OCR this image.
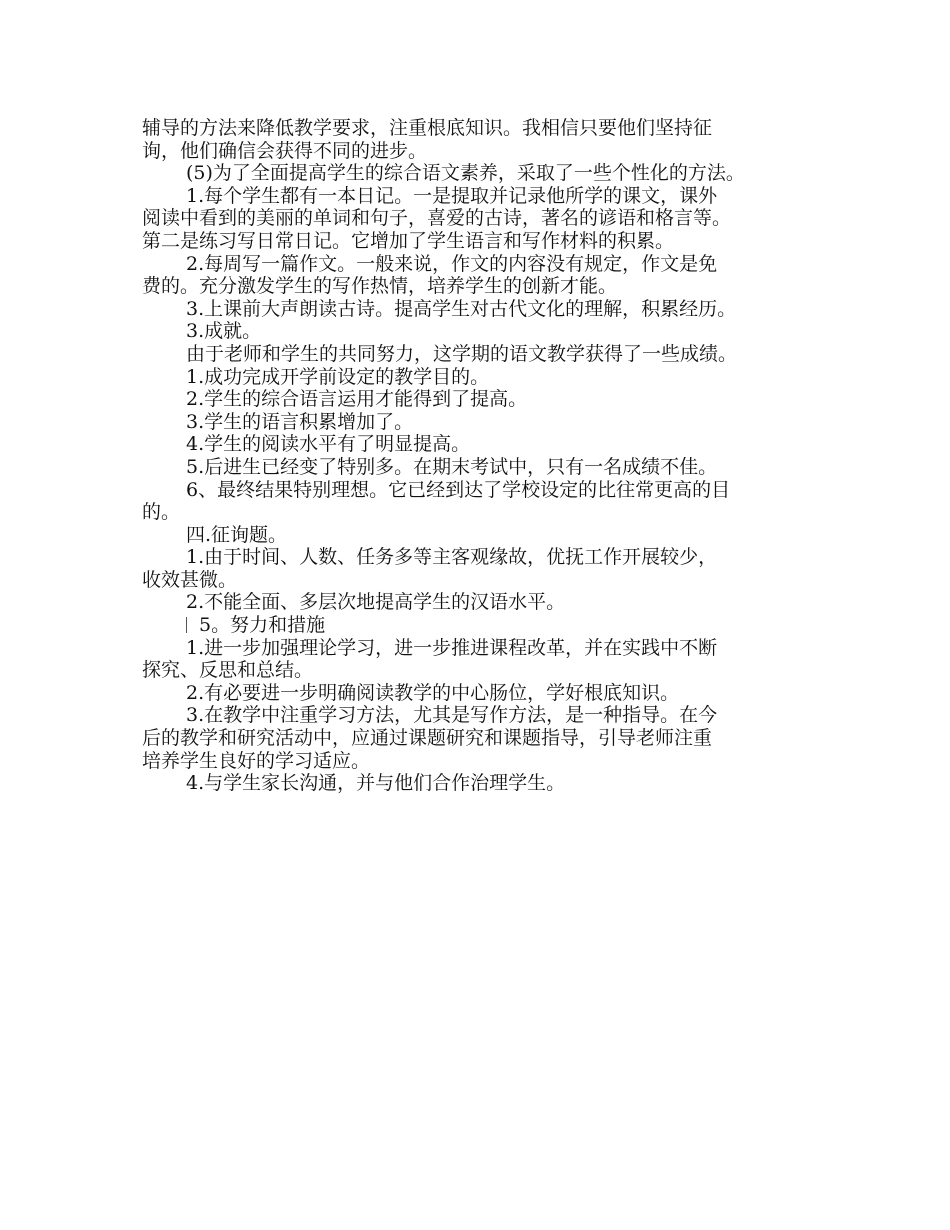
辅导的方法来降低教学要求，注重根底知识。我相信只要他们坚持征

询，他们确信会获得不同的进步。

(5)为了全面提高学生的综合语文素养，采取了一些个性化的方法。

1.每个学生都有一本日记。一是提取并记录他所学的课文，课外

阅读中看到的美丽的单词和句子，喜爱的古诗，著名的谚语和格言等。

第二是练习写日常日记。它增加了学生语言和写作材料的积累。

2.每周写一篇作文。一般来说，作文的内容没有规定，作文是免

费的。充分激发学生的写作热情，培养学生的创新才能。

3.上课前大声朗读古诗。提高学生对古代文化的理解，积累经历。

3.成就。

由于老师和学生的共同努力，这学期的语文教学获得了一些成绩。

1.成功完成开学前设定的教学目的。

2.学生的综合语言运用才能得到了提高。

3.学生的语言积累增加了。

4.学生的阅读水平有了明显提高。

5.后进生已经变了特别多。在期末考试中，只有一名成绩不佳。

6、最终结果特别理想。它已经到达了学校设定的比往常更高的目

的。

四.征询题。

1.由于时间、人数、任务多等主客观缘故，优抚工作开展较少，

收效甚微。

2.不能全面、多层次地提高学生的汉语水平。

5。努力和措施

1.进一步加强理论学习，进一步推进课程改革，并在实践中不断

探究、反思和总结。

2.有必要进一步明确阅读教学的中心肠位，学好根底知识。

3.在教学中注重学习方法，尤其是写作方法，是一种指导。在今

后的教学和研究活动中，应通过课题研究和课题指导，引导老师注重

培养学生良好的学习适应。

4.与学生家长沟通，并与他们合作治理学生。
